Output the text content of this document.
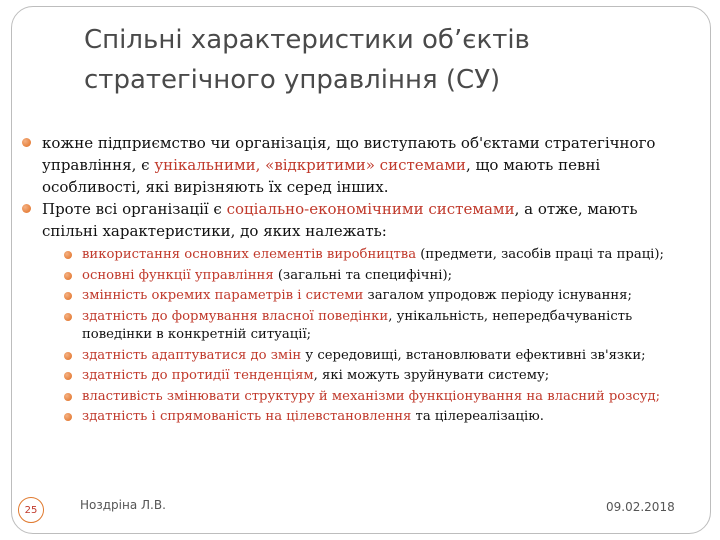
Спільні характеристики об’єктів
стратегічного управління (СУ)
кожне підприємство чи організація, що виступають об'єктами стратегічного управління, є унікальними, «відкритими» системами, що мають певні особливості, які вирізняють їх серед інших.
Проте всі організації є соціально-економічними системами, а отже, мають спільні характеристики, до яких належать:
використання основних елементів виробництва (предмети, засобів праці та праці);
основні функції управління (загальні та специфічні);
змінність окремих параметрів і системи загалом упродовж періоду існування;
здатність до формування власної поведінки, унікальність, непередбачуваність поведінки в конкретній ситуації;
здатність адаптуватися до змін у середовищі, встановлювати ефективні зв'язки;
здатність до протидії тенденціям, які можуть зруйнувати систему;
властивість змінювати структуру й механізми функціонування на власний розсуд;
здатність і спрямованість на цілевстановлення та цілереалізацію.
25	Ноздріна Л.В.	09.02.2018
